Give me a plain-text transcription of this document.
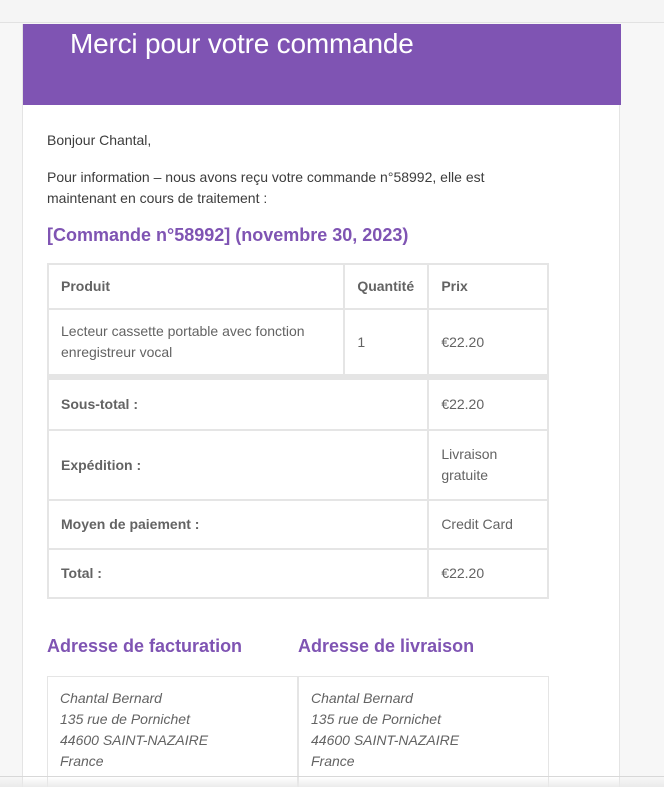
Merci pour votre commande

Bonjour Chantal,

Pour information – nous avons reçu votre commande n°58992, elle est maintenant en cours de traitement :

[Commande n°58992] (novembre 30, 2023)
Produit	Quantité	Prix
Lecteur cassette portable avec fonction enregistreur vocal	1	€22.20
Sous-total :		€22.20
Expédition :		Livraison gratuite
Moyen de paiement :		Credit Card
Total :		€22.20
Adresse de facturation
Chantal Bernard
135 rue de Pornichet
44600 SAINT-NAZAIRE
France
Adresse de livraison
Chantal Bernard
135 rue de Pornichet
44600 SAINT-NAZAIRE
France
